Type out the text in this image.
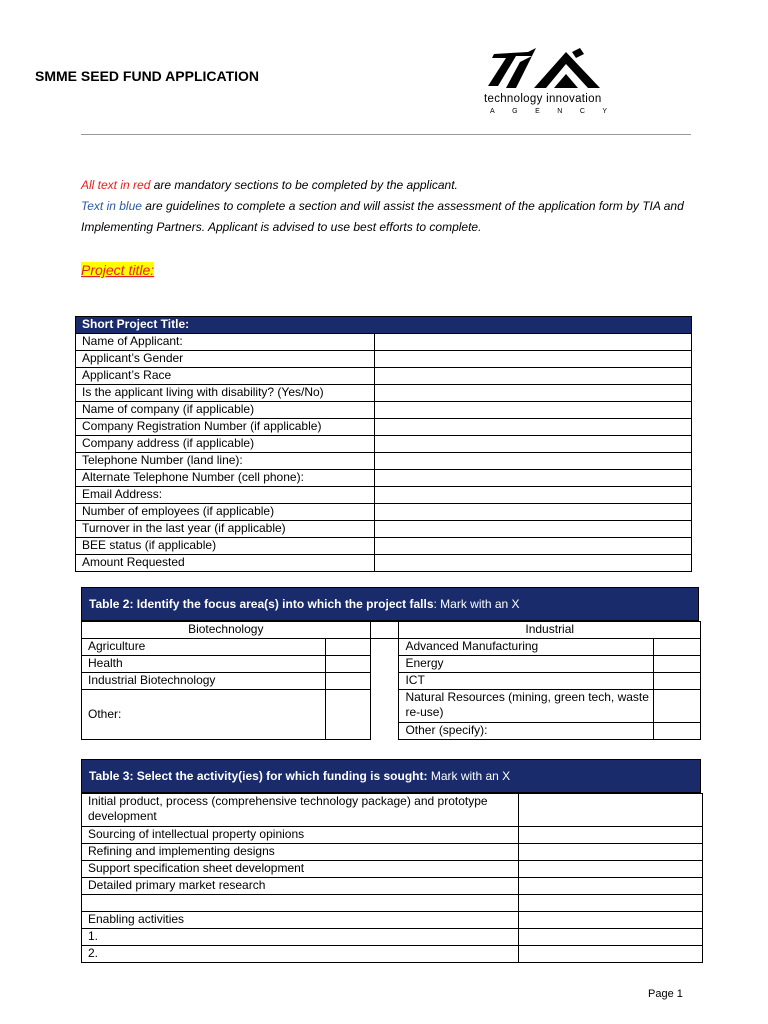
SMME SEED FUND APPLICATION
technology innovation
AGENCY
All text in red are mandatory sections to be completed by the applicant.
Text in blue are guidelines to complete a section and will assist the assessment of the application form by TIA and Implementing Partners. Applicant is advised to use best efforts to complete.
Project title:
Short Project Title:	
Name of Applicant:	
Applicant’s Gender	
Applicant’s Race	
Is the applicant living with disability? (Yes/No)	
Name of company (if applicable)	
Company Registration Number (if applicable)	
Company address (if applicable)	
Telephone Number (land line):	
Alternate Telephone Number (cell phone):	
Email Address:	
Number of employees (if applicable)	
Turnover in the last year (if applicable)	
BEE status (if applicable)	
Amount Requested	
Table 2: Identify the focus area(s) into which the project falls: Mark with an X
Biotechnology			Industrial	
Agriculture			Advanced Manufacturing	
Health			Energy	
Industrial Biotechnology			ICT	
Other:			Natural Resources (mining, green tech, waste re-use)	
			Other (specify):	
Table 3: Select the activity(ies) for which funding is sought: Mark with an X
Initial product, process (comprehensive technology package) and prototype development	
Sourcing of intellectual property opinions	
Refining and implementing designs	
Support specification sheet development	
Detailed primary market research	

Enabling activities	
1.	
2.	
Page 1
